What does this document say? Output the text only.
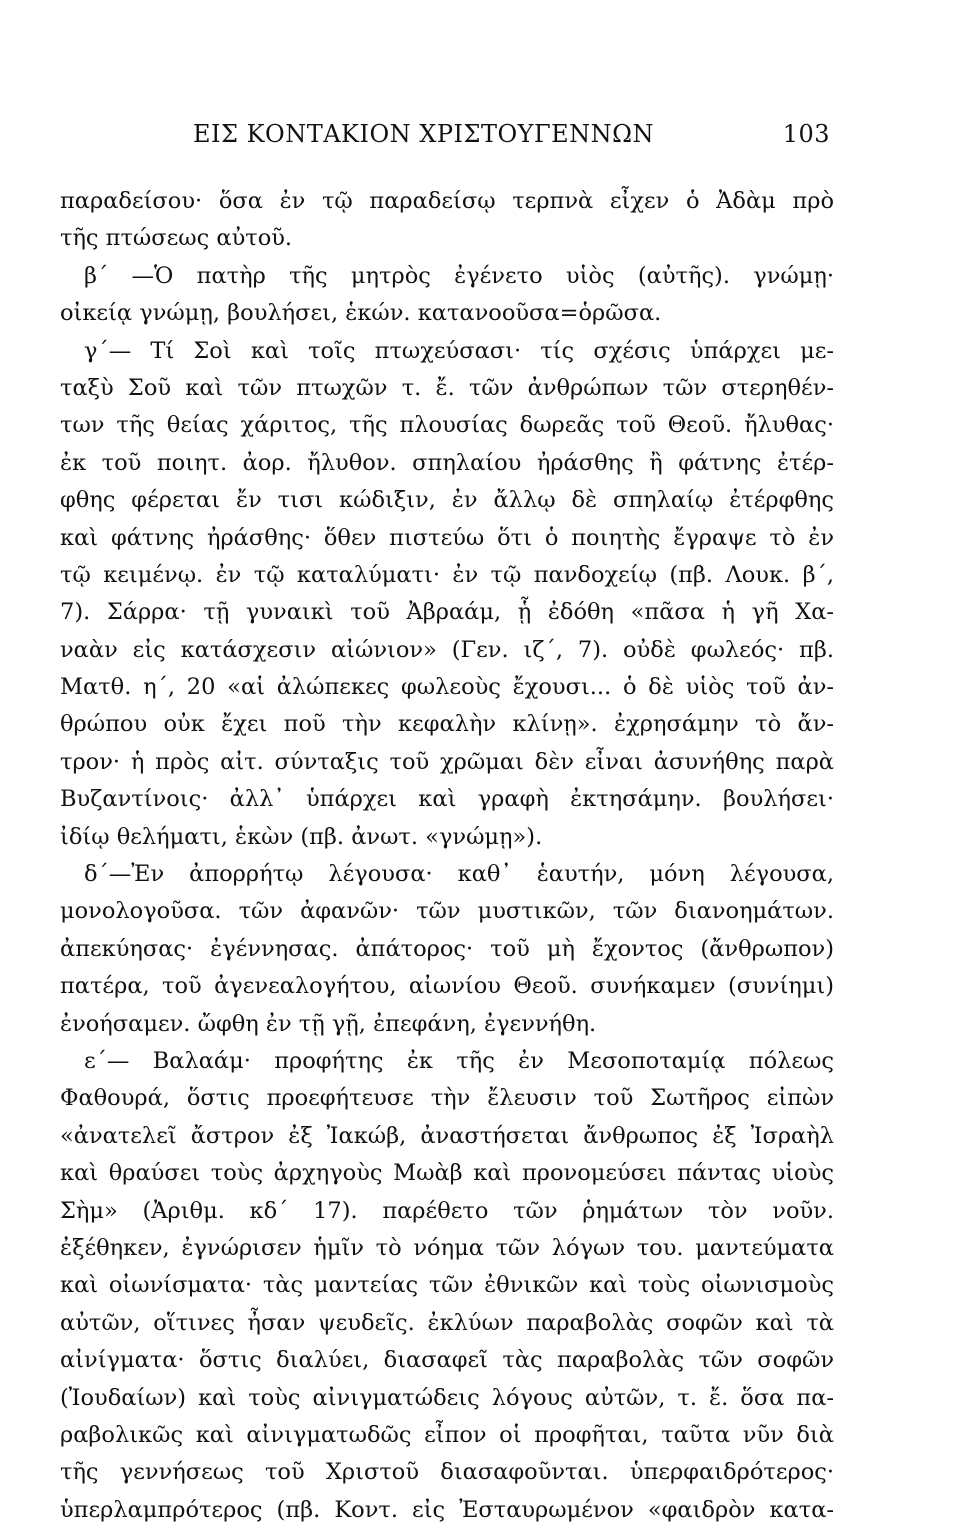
ΕΙΣ ΚΟΝΤΑΚΙΟΝ ΧΡΙΣΤΟΥΓΕΝΝΩΝ	103
παραδείσου· ὅσα ἐν τῷ παραδείσῳ τερπνὰ εἶχεν ὁ Ἀδὰμ πρὸ
τῆς πτώσεως αὐτοῦ.
β΄ —Ὁ πατὴρ τῆς μητρὸς ἐγένετο υἱὸς (αὐτῆς). γνώμῃ·
οἰκείᾳ γνώμῃ, βουλήσει, ἑκών. κατανοοῦσα=ὁρῶσα.
γ΄— Τί Σοὶ καὶ τοῖς πτωχεύσασι· τίς σχέσις ὑπάρχει με-
ταξὺ Σοῦ καὶ τῶν πτωχῶν τ. ἔ. τῶν ἀνθρώπων τῶν στερηθέν-
των τῆς θείας χάριτος, τῆς πλουσίας δωρεᾶς τοῦ Θεοῦ. ἤλυθας·
ἐκ τοῦ ποιητ. ἀορ. ἤλυθον. σπηλαίου ἠράσθης ἢ φάτνης ἐτέρ-
φθης φέρεται ἔν τισι κώδιξιν, ἐν ἄλλῳ δὲ σπηλαίῳ ἐτέρφθης
καὶ φάτνης ἠράσθης· ὅθεν πιστεύω ὅτι ὁ ποιητὴς ἔγραψε τὸ ἐν
τῷ κειμένῳ. ἐν τῷ καταλύματι· ἐν τῷ πανδοχείῳ (πβ. Λουκ. β΄,
7). Σάρρα· τῇ γυναικὶ τοῦ Ἀβραάμ, ᾗ ἐδόθη «πᾶσα ἡ γῆ Χα-
ναὰν εἰς κατάσχεσιν αἰώνιον» (Γεν. ιζ΄, 7). οὐδὲ φωλεός· πβ.
Ματθ. η΄, 20 «αἱ ἀλώπεκες φωλεοὺς ἔχουσι... ὁ δὲ υἱὸς τοῦ ἀν-
θρώπου οὐκ ἔχει ποῦ τὴν κεφαλὴν κλίνῃ». ἐχρησάμην τὸ ἄν-
τρον· ἡ πρὸς αἰτ. σύνταξις τοῦ χρῶμαι δὲν εἶναι ἀσυνήθης παρὰ
Βυζαντίνοις· ἀλλ᾽ ὑπάρχει καὶ γραφὴ ἐκτησάμην. βουλήσει·
ἰδίῳ θελήματι, ἑκὼν (πβ. ἀνωτ. «γνώμῃ»).
δ΄—Ἐν ἀπορρήτῳ λέγουσα· καθ᾽ ἑαυτήν, μόνη λέγουσα,
μονολογοῦσα. τῶν ἀφανῶν· τῶν μυστικῶν, τῶν διανοημάτων.
ἀπεκύησας· ἐγέννησας. ἀπάτορος· τοῦ μὴ ἔχοντος (ἄνθρωπον)
πατέρα, τοῦ ἀγενεαλογήτου, αἰωνίου Θεοῦ. συνήκαμεν (συνίημι)
ἐνοήσαμεν. ὤφθη ἐν τῇ γῇ, ἐπεφάνη, ἐγεννήθη.
ε΄— Βαλαάμ· προφήτης ἐκ τῆς ἐν Μεσοποταμίᾳ πόλεως
Φαθουρά, ὅστις προεφήτευσε τὴν ἔλευσιν τοῦ Σωτῆρος εἰπὼν
«ἀνατελεῖ ἄστρον ἐξ Ἰακώβ, ἀναστήσεται ἄνθρωπος ἐξ Ἰσραὴλ
καὶ θραύσει τοὺς ἀρχηγοὺς Μωὰβ καὶ προνομεύσει πάντας υἱοὺς
Σὴμ» (Ἀριθμ. κδ΄ 17). παρέθετο τῶν ῥημάτων τὸν νοῦν.
ἐξέθηκεν, ἐγνώρισεν ἡμῖν τὸ νόημα τῶν λόγων του. μαντεύματα
καὶ οἰωνίσματα· τὰς μαντείας τῶν ἐθνικῶν καὶ τοὺς οἰωνισμοὺς
αὐτῶν, οἵτινες ἦσαν ψευδεῖς. ἐκλύων παραβολὰς σοφῶν καὶ τὰ
αἰνίγματα· ὅστις διαλύει, διασαφεῖ τὰς παραβολὰς τῶν σοφῶν
(Ἰουδαίων) καὶ τοὺς αἰνιγματώδεις λόγους αὐτῶν, τ. ἔ. ὅσα πα-
ραβολικῶς καὶ αἰνιγματωδῶς εἶπον οἱ προφῆται, ταῦτα νῦν διὰ
τῆς γεννήσεως τοῦ Χριστοῦ διασαφοῦνται. ὑπερφαιδρότερος·
ὑπερλαμπρότερος (πβ. Κοντ. εἰς Ἐσταυρωμένον «φαιδρὸν κατα-
